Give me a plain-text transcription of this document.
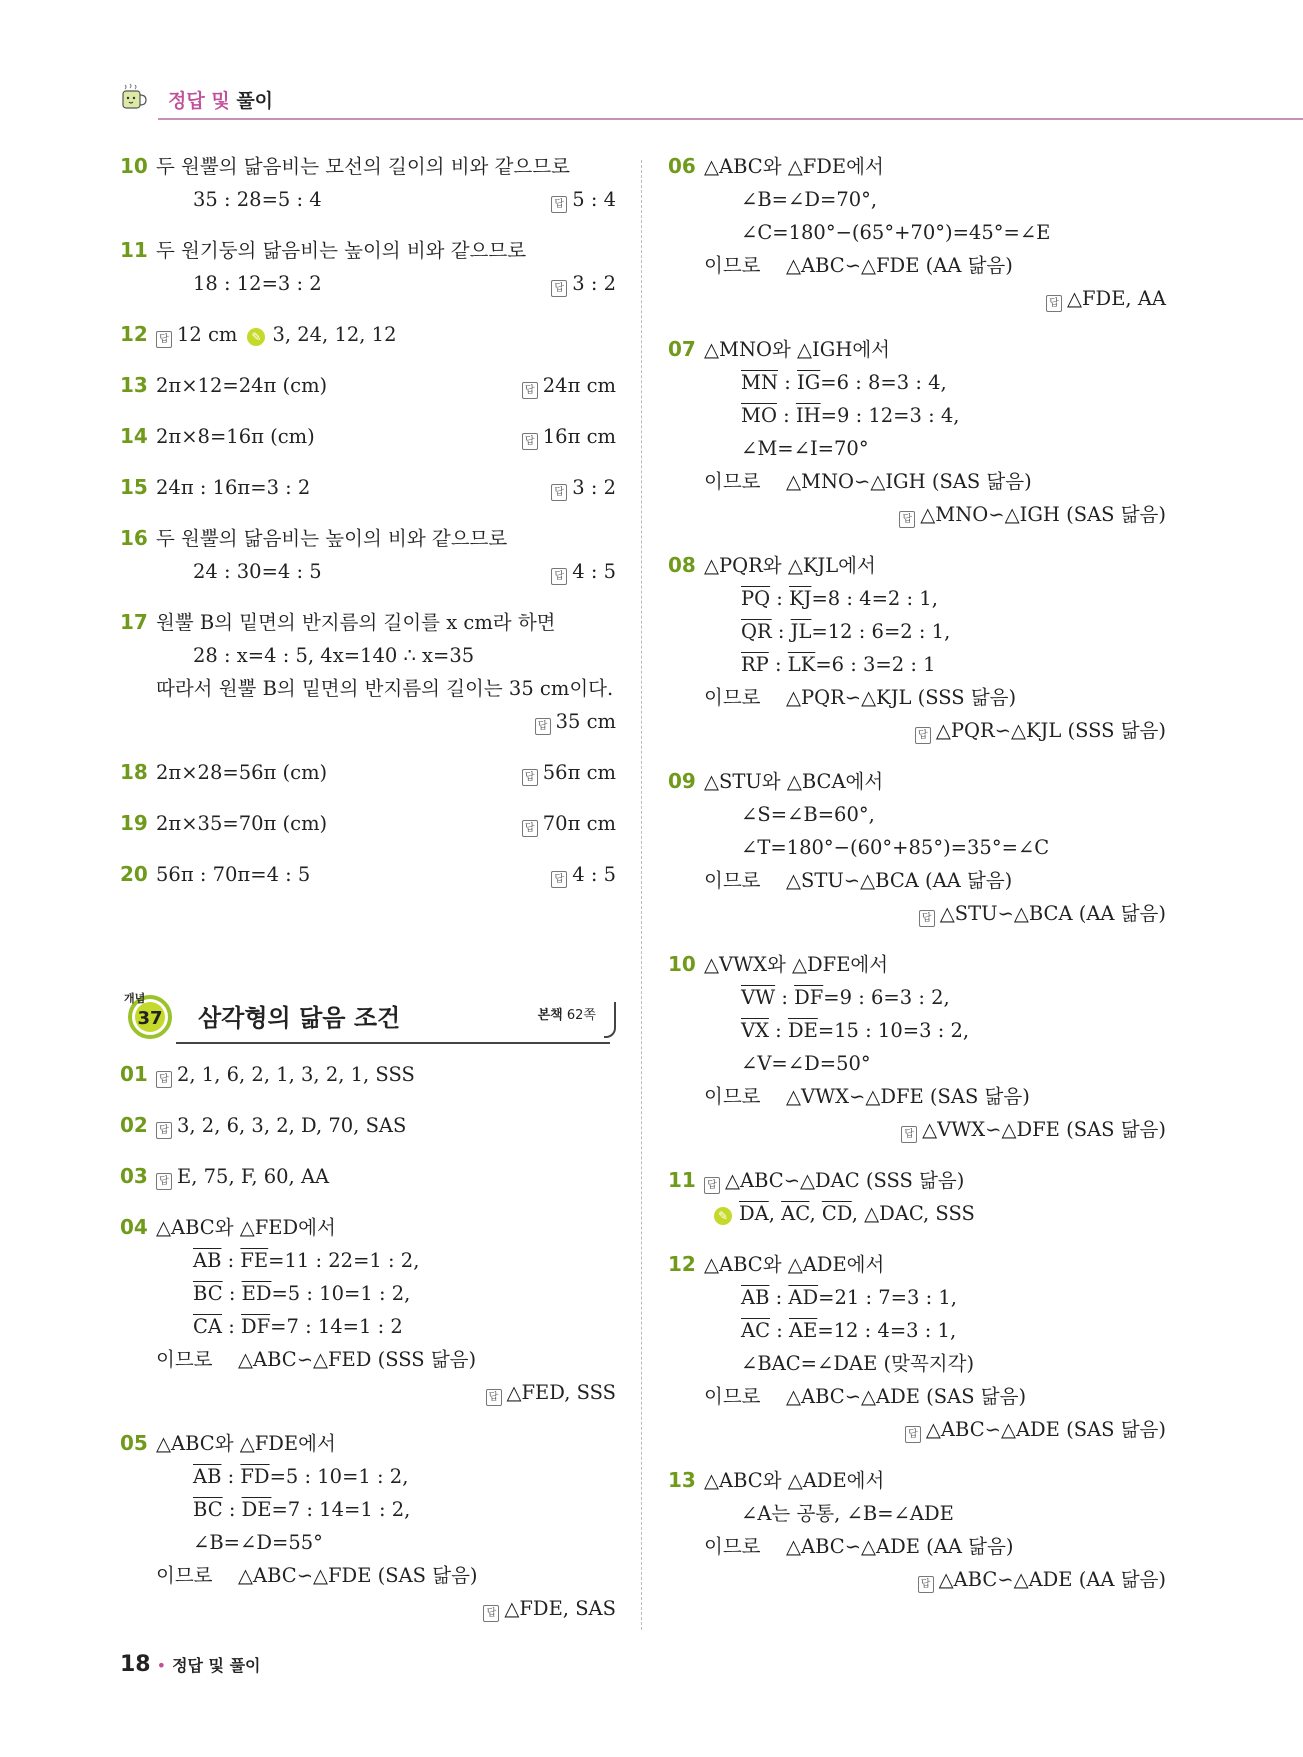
정답 및 풀이
10 두 원뿔의 닮음비는 모선의 길이의 비와 같으므로
35 : 28=5 : 4	답 5 : 4
11 두 원기둥의 닮음비는 높이의 비와 같으므로
18 : 12=3 : 2	답 3 : 2
12 답 12 cm ✎ 3, 24, 12, 12
13 2π×12=24π (cm)	답 24π cm
14 2π×8=16π (cm)	답 16π cm
15 24π : 16π=3 : 2	답 3 : 2
16 두 원뿔의 닮음비는 높이의 비와 같으므로
24 : 30=4 : 5	답 4 : 5
17 원뿔 B의 밑면의 반지름의 길이를 x cm라 하면
28 : x=4 : 5, 4x=140 ∴ x=35
따라서 원뿔 B의 밑면의 반지름의 길이는 35 cm이다.
답 35 cm
18 2π×28=56π (cm)	답 56π cm
19 2π×35=70π (cm)	답 70π cm
20 56π : 70π=4 : 5	답 4 : 5
개념
37 삼각형의 닮음 조건	본책 62쪽
01 답 2, 1, 6, 2, 1, 3, 2, 1, SSS
02 답 3, 2, 6, 3, 2, D, 70, SAS
03 답 E, 75, F, 60, AA
04 △ABC와 △FED에서
$\overline{AB}$ : $\overline{FE}=11$ : 22=1 : 2,
$\overline{BC}$ : $\overline{ED}=5$ : 10=1 : 2,
$\overline{CA}$ : $\overline{DF}=7$ : 14=1 : 2
이므로 △ABC∽△FED (SSS 닮음)
답 △FED, SSS
05 △ABC와 △FDE에서
$\overline{AB}$ : $\overline{FD}=5$ : 10=1 : 2,
$\overline{BC}$ : $\overline{DE}=7$ : 14=1 : 2,
∠B=∠D=55°
이므로 △ABC∽△FDE (SAS 닮음)
답 △FDE, SAS
06 △ABC와 △FDE에서
∠B=∠D=70°,
∠C=180°−(65°+70°)=45°=∠E
이므로 △ABC∽△FDE (AA 닮음)
답 △FDE, AA
07 △MNO와 △IGH에서
$\overline{MN}$ : $\overline{IG}=6$ : 8=3 : 4,
$\overline{MO}$ : $\overline{IH}=9$ : 12=3 : 4,
∠M=∠I=70°
이므로 △MNO∽△IGH (SAS 닮음)
답 △MNO∽△IGH (SAS 닮음)
08 △PQR와 △KJL에서
$\overline{PQ}$ : $\overline{KJ}=8$ : 4=2 : 1,
$\overline{QR}$ : $\overline{JL}=12$ : 6=2 : 1,
$\overline{RP}$ : $\overline{LK}=6$ : 3=2 : 1
이므로 △PQR∽△KJL (SSS 닮음)
답 △PQR∽△KJL (SSS 닮음)
09 △STU와 △BCA에서
∠S=∠B=60°,
∠T=180°−(60°+85°)=35°=∠C
이므로 △STU∽△BCA (AA 닮음)
답 △STU∽△BCA (AA 닮음)
10 △VWX와 △DFE에서
$\overline{VW}$ : $\overline{DF}=9$ : 6=3 : 2,
$\overline{VX}$ : $\overline{DE}=15$ : 10=3 : 2,
∠V=∠D=50°
이므로 △VWX∽△DFE (SAS 닮음)
답 △VWX∽△DFE (SAS 닮음)
11 답 △ABC∽△DAC (SSS 닮음)
✎ $\overline{DA}$, $\overline{AC}$, $\overline{CD}$, △DAC, SSS
12 △ABC와 △ADE에서
$\overline{AB}$ : $\overline{AD}=21$ : 7=3 : 1,
$\overline{AC}$ : $\overline{AE}=12$ : 4=3 : 1,
∠BAC=∠DAE (맞꼭지각)
이므로 △ABC∽△ADE (SAS 닮음)
답 △ABC∽△ADE (SAS 닮음)
13 △ABC와 △ADE에서
∠A는 공통, ∠B=∠ADE
이므로 △ABC∽△ADE (AA 닮음)
답 △ABC∽△ADE (AA 닮음)
18 • 정답 및 풀이
